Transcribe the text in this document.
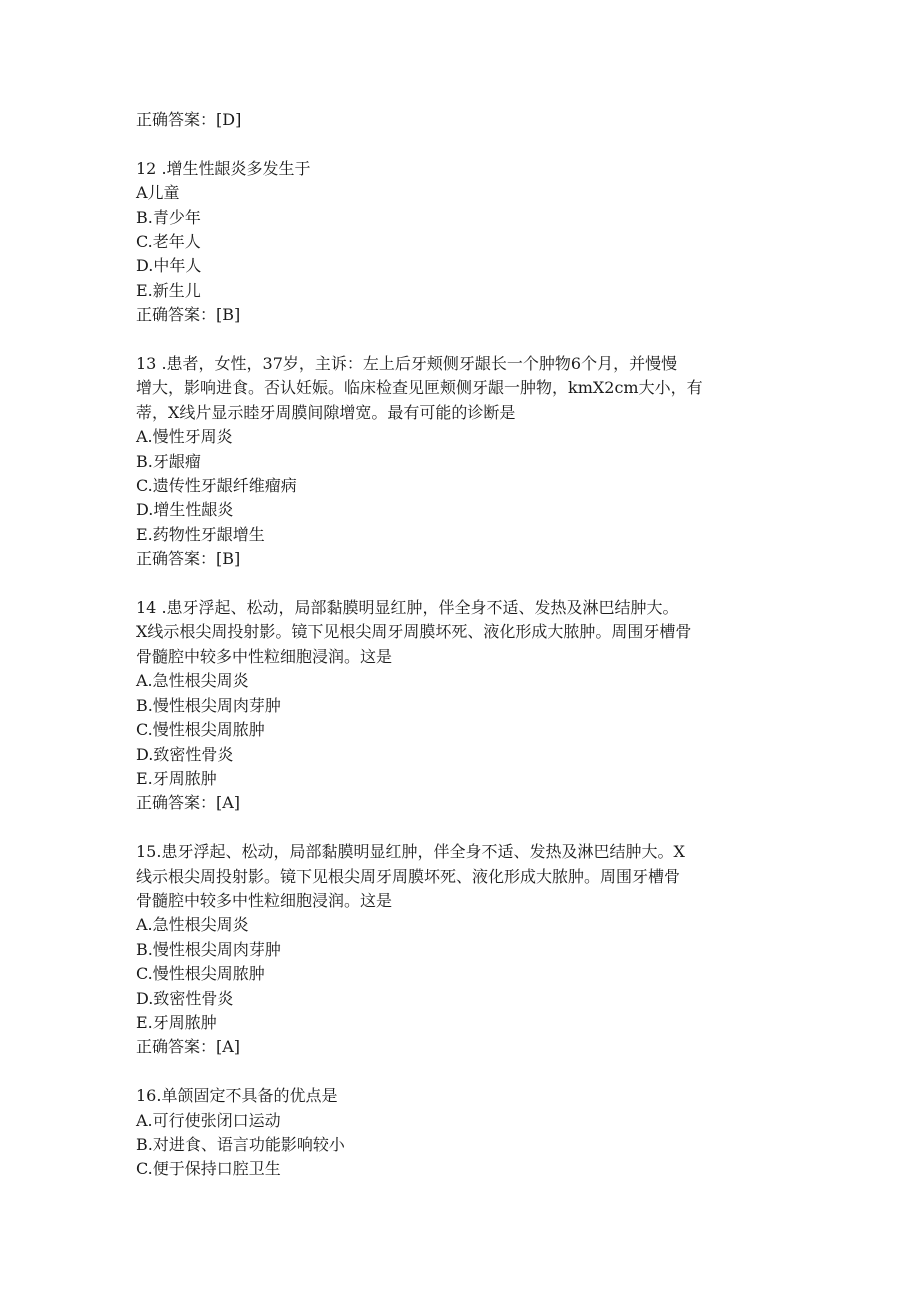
正确答案：[D]
12 .增生性龈炎多发生于
A儿童
B.青少年
C.老年人
D.中年人
E.新生儿
正确答案：[B]
13 .患者，女性，37岁，主诉：左上后牙颊侧牙龈长一个肿物6个月，并慢慢
增大，影响进食。否认妊娠。临床检查见匣颊侧牙龈一肿物，kmX2cm大小，有
蒂，X线片显示睦牙周膜间隙增宽。最有可能的诊断是
A.慢性牙周炎
B.牙龈瘤
C.遗传性牙龈纤维瘤病
D.增生性龈炎
E.药物性牙龈增生
正确答案：[B]
14 .患牙浮起、松动，局部黏膜明显红肿，伴全身不适、发热及淋巴结肿大。
X线示根尖周投射影。镜下见根尖周牙周膜坏死、液化形成大脓肿。周围牙槽骨
骨髓腔中较多中性粒细胞浸润。这是
A.急性根尖周炎
B.慢性根尖周肉芽肿
C.慢性根尖周脓肿
D.致密性骨炎
E.牙周脓肿
正确答案：[A]
15.患牙浮起、松动，局部黏膜明显红肿，伴全身不适、发热及淋巴结肿大。X
线示根尖周投射影。镜下见根尖周牙周膜坏死、液化形成大脓肿。周围牙槽骨
骨髓腔中较多中性粒细胞浸润。这是
A.急性根尖周炎
B.慢性根尖周肉芽肿
C.慢性根尖周脓肿
D.致密性骨炎
E.牙周脓肿
正确答案：[A]
16.单颌固定不具备的优点是
A.可行使张闭口运动
B.对进食、语言功能影响较小
C.便于保持口腔卫生
